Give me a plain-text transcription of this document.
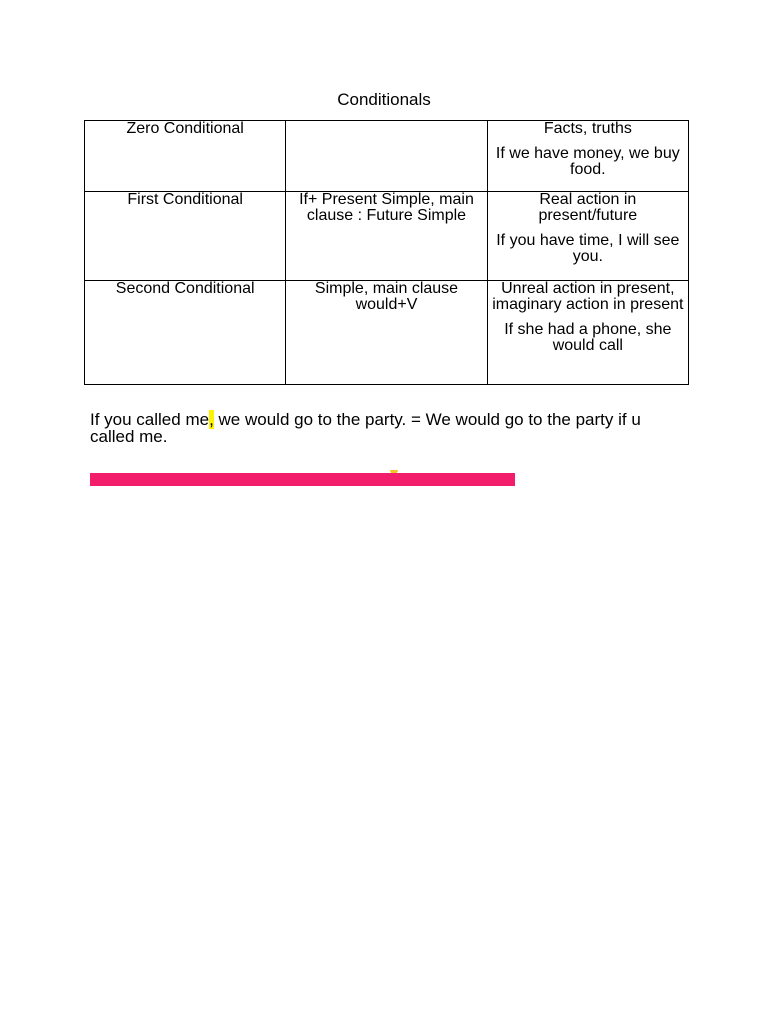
Conditionals
Zero Conditional		Facts, truths

If we have money, we buy food.

First Conditional	If+ Present Simple, main clause : Future Simple	Real action in present/future

If you have time, I will see you.

Second Conditional	Simple, main clause would+V	Unreal action in present, imaginary action in present

If she had a phone, she would call

If you called me, we would go to the party. = We would go to the party if u called me.
